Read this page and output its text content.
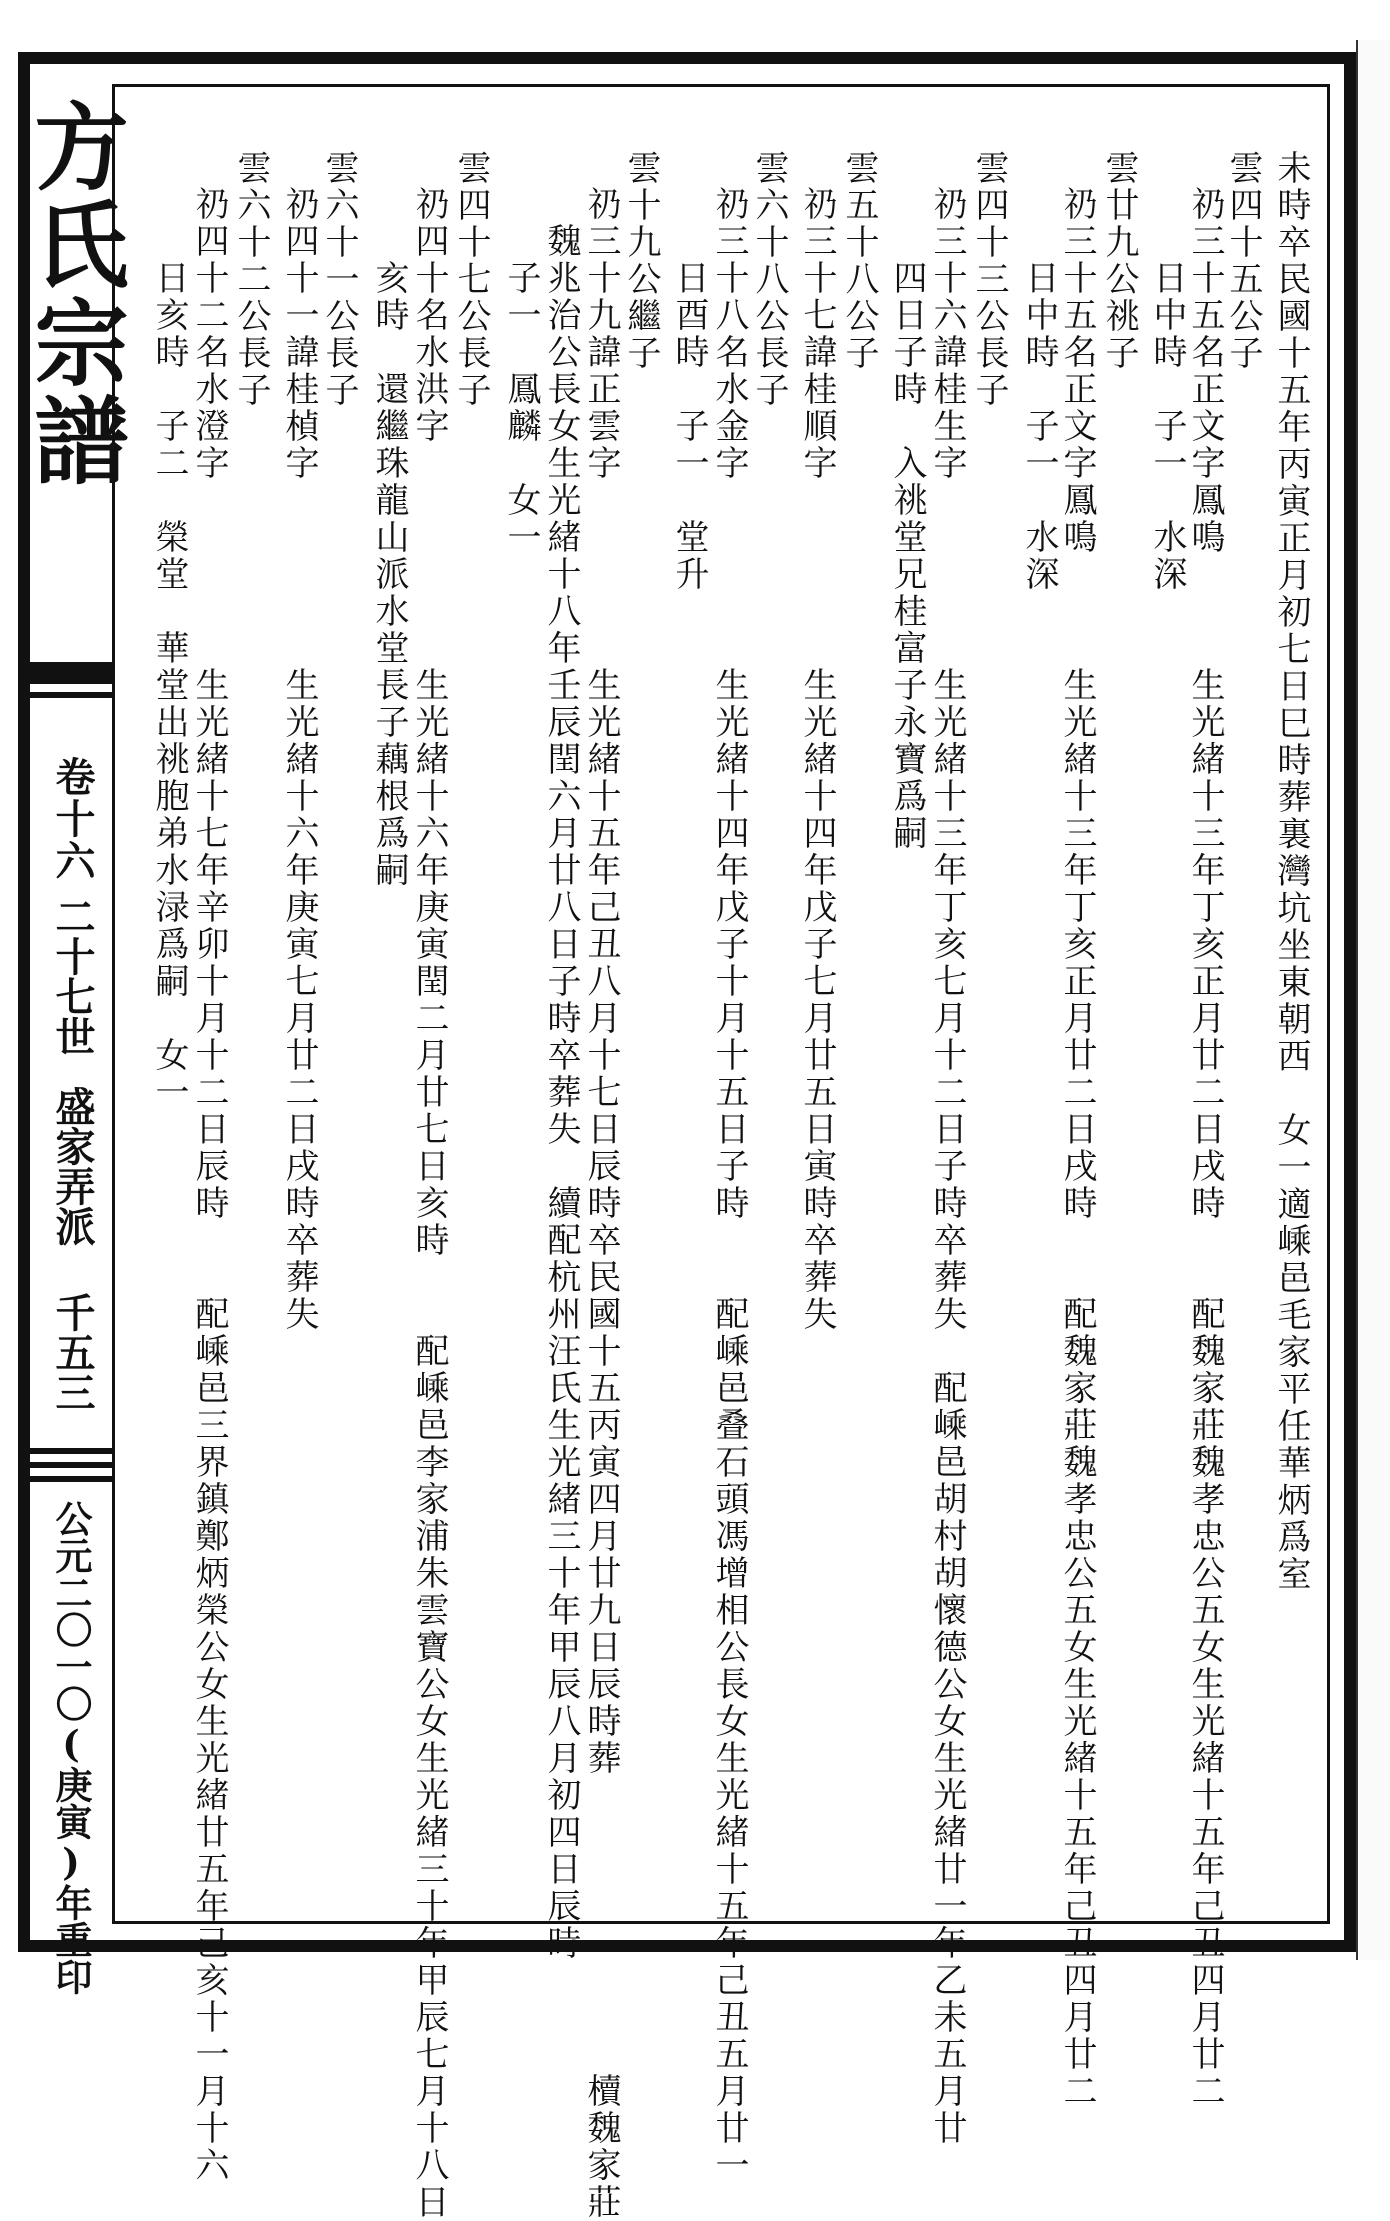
方氏宗譜
卷十六
二十七世
盛家弄派
千五三
公元二〇一〇(庚寅)年重印
未時卒民國十五年丙寅正月初七日巳時葬裏灣坑坐東朝西　女一適嵊邑毛家平任華炳爲室
雲四十五公子
礽三十五名正文字鳳鳴　　　生光緒十三年丁亥正月廿二日戌時　　配魏家莊魏孝忠公五女生光緒十五年己丑四月廿二
　　日中時　子一　水深
雲廿九公祧子
礽三十五名正文字鳳鳴　　　生光緒十三年丁亥正月廿二日戌時　　配魏家莊魏孝忠公五女生光緒十五年己丑四月廿二
　　日中時　子一　水深
雲四十三公長子
礽三十六諱桂生字　　　　　生光緒十三年丁亥七月十二日子時卒葬失　配嵊邑胡村胡懷德公女生光緒廿一年乙未五月廿
　　四日子時　入祧堂兄桂富子永寶爲嗣
雲五十八公子
礽三十七諱桂順字　　　　　生光緒十四年戊子七月廿五日寅時卒葬失
雲六十八公長子
礽三十八名水金字　　　　　生光緒十四年戊子十月十五日子時　　配嵊邑叠石頭馮增相公長女生光緒十五年己丑五月廿一
　　日酉時　子一　堂升
雲十九公繼子
礽三十九諱正雲字　　　　　生光緒十五年己丑八月十七日辰時卒民國十五丙寅四月廿九日辰時葬　　　　　　　　櫝魏家莊
　魏兆治公長女生光緒十八年壬辰閏六月廿八日子時卒葬失　續配杭州汪氏生光緒三十年甲辰八月初四日辰時
　　子一　鳳麟　女一
雲四十七公長子
礽四十名水洪字　　　　　　生光緒十六年庚寅閏二月廿七日亥時　　配嵊邑李家浦朱雲寶公女生光緒三十年甲辰七月十八日
　　亥時　還繼珠龍山派水堂長子藕根爲嗣
雲六十一公長子
礽四十一諱桂楨字　　　　　生光緒十六年庚寅七月廿二日戌時卒葬失
雲六十二公長子
礽四十二名水澄字　　　　　生光緒十七年辛卯十月十二日辰時　　配嵊邑三界鎮鄭炳榮公女生光緒廿五年己亥十一月十六
　　日亥時　子二　榮堂　華堂出祧胞弟水渌爲嗣　女一
